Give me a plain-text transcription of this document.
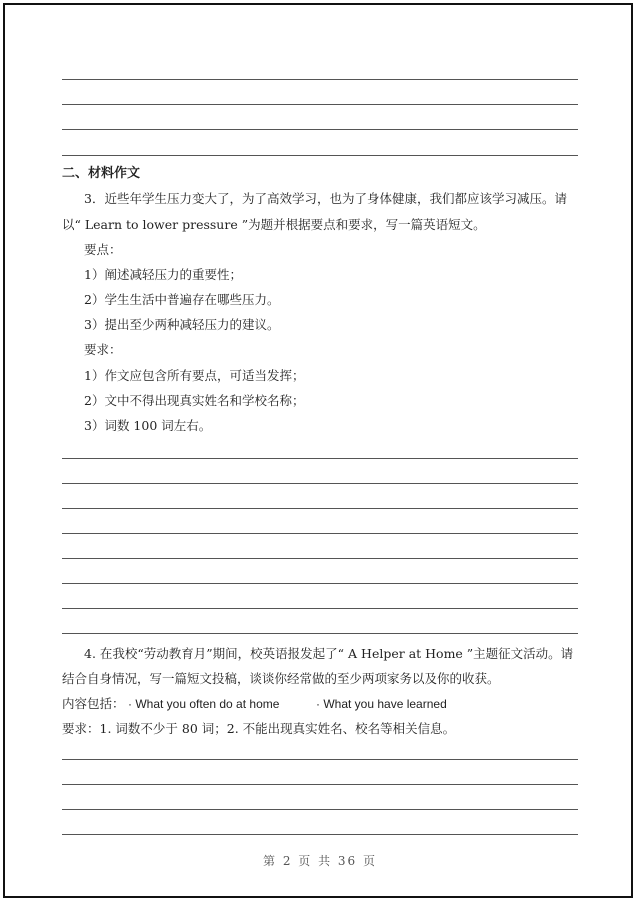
二、材料作文
3．近些年学生压力变大了，为了高效学习，也为了身体健康，我们都应该学习减压。请
以“ Learn to lower pressure ”为题并根据要点和要求，写一篇英语短文。
要点：
1）阐述减轻压力的重要性；
2）学生生活中普遍存在哪些压力。
3）提出至少两种减轻压力的建议。
要求：
1）作文应包含所有要点，可适当发挥；
2）文中不得出现真实姓名和学校名称；
3）词数 100 词左右。
4. 在我校“劳动教育月”期间，校英语报发起了“ A Helper at Home ”主题征文活动。请
结合自身情况，写一篇短文投稿，谈谈你经常做的至少两项家务以及你的收获。
内容包括： · What you often do at home	· What you have learned
要求：1. 词数不少于 80 词；2. 不能出现真实姓名、校名等相关信息。
第 2 页 共 36 页
